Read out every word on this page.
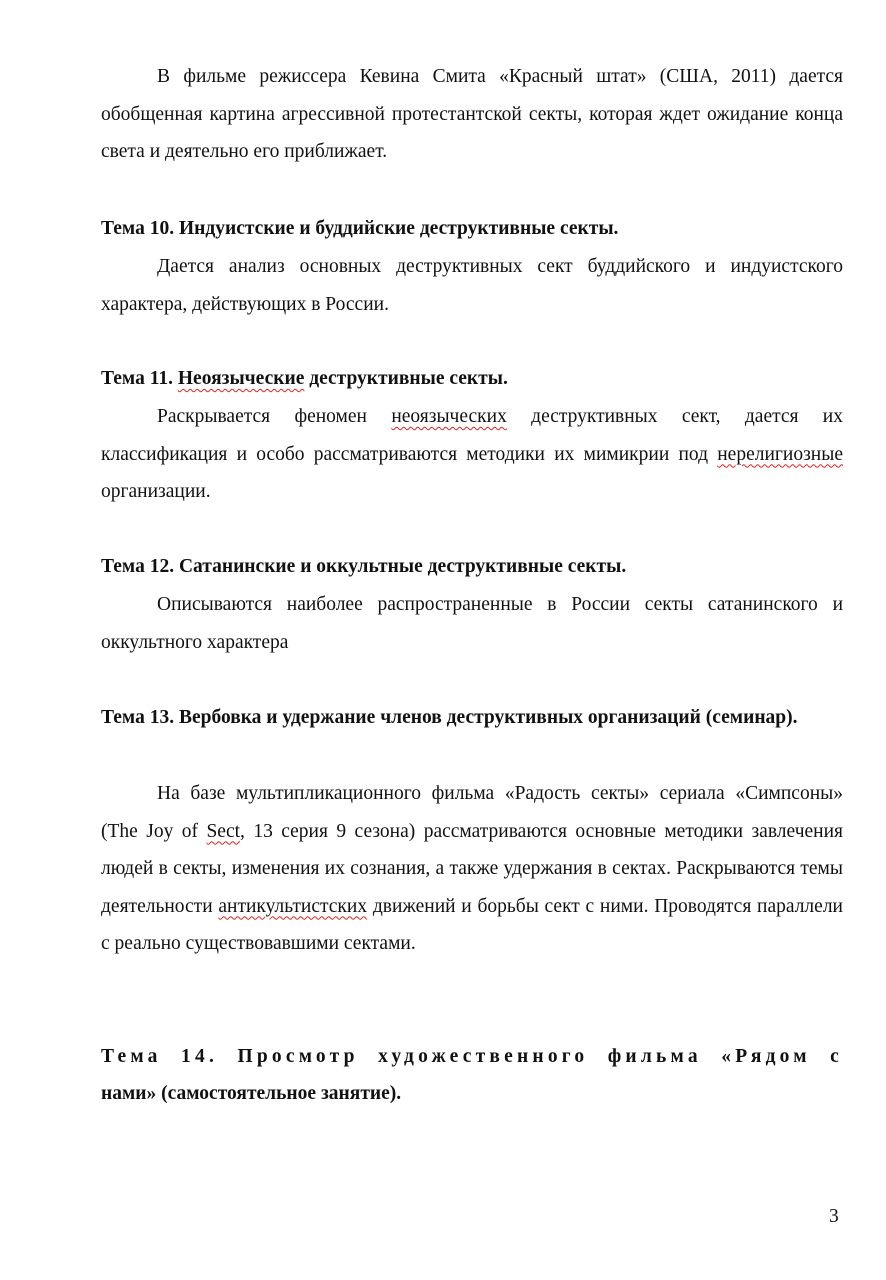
В фильме режиссера Кевина Смита «Красный штат» (США, 2011) дается обобщенная картина агрессивной протестантской секты, которая ждет ожидание конца света и деятельно его приближает.

Тема 10. Индуистские и буддийские деструктивные секты.

Дается анализ основных деструктивных сект буддийского и индуистского характера, действующих в России.

Тема 11. Неоязыческие деструктивные секты.

Раскрывается феномен неоязыческих деструктивных сект, дается их классификация и особо рассматриваются методики их мимикрии под нерелигиозные организации.

Тема 12. Сатанинские и оккультные деструктивные секты.

Описываются наиболее распространенные в России секты сатанинского и оккультного характера

Тема 13. Вербовка и удержание членов деструктивных организаций (семинар).

На базе мультипликационного фильма «Радость секты» сериала «Симпсоны» (The Joy of Sect, 13 серия 9 сезона) рассматриваются основные методики завлечения людей в секты, изменения их сознания, а также удержания в сектах. Раскрываются темы деятельности антикультистских движений и борьбы сект с ними. Проводятся параллели с реально существовавшими сектами.

Тема 14. Просмотр художественного фильма «Рядом с

нами» (самостоятельное занятие).

3
